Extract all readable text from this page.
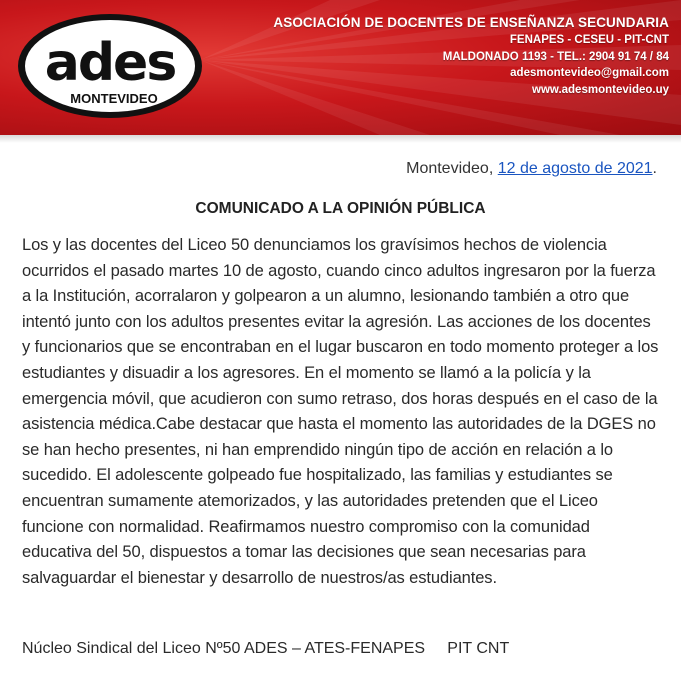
ades
MONTEVIDEO
ASOCIACIÓN DE DOCENTES DE ENSEÑANZA SECUNDARIA
FENAPES - CESEU - PIT-CNT
MALDONADO 1193 - TEL.: 2904 91 74 / 84
adesmontevideo@gmail.com
www.adesmontevideo.uy
Montevideo, 12 de agosto de 2021.
COMUNICADO A LA OPINIÓN PÚBLICA
Los y las docentes del Liceo 50 denunciamos los gravísimos hechos de violencia ocurridos el pasado martes 10 de agosto, cuando cinco adultos ingresaron por la fuerza a la Institución, acorralaron y golpearon a un alumno, lesionando también a otro que intentó junto con los adultos presentes evitar la agresión. Las acciones de los docentes y funcionarios que se encontraban en el lugar buscaron en todo momento proteger a los estudiantes y disuadir a los agresores. En el momento se llamó a la policía y la emergencia móvil, que acudieron con sumo retraso, dos horas después en el caso de la asistencia médica.Cabe destacar que hasta el momento las autoridades de la DGES no se han hecho presentes, ni han emprendido ningún tipo de acción en relación a lo sucedido. El adolescente golpeado fue hospitalizado, las familias y estudiantes se encuentran sumamente atemorizados, y las autoridades pretenden que el Liceo funcione con normalidad. Reafirmamos nuestro compromiso con la comunidad educativa del 50, dispuestos a tomar las decisiones que sean necesarias para salvaguardar el bienestar y desarrollo de nuestros/as estudiantes.
Núcleo Sindical del Liceo Nº50 ADES – ATES-FENAPES     PIT CNT
